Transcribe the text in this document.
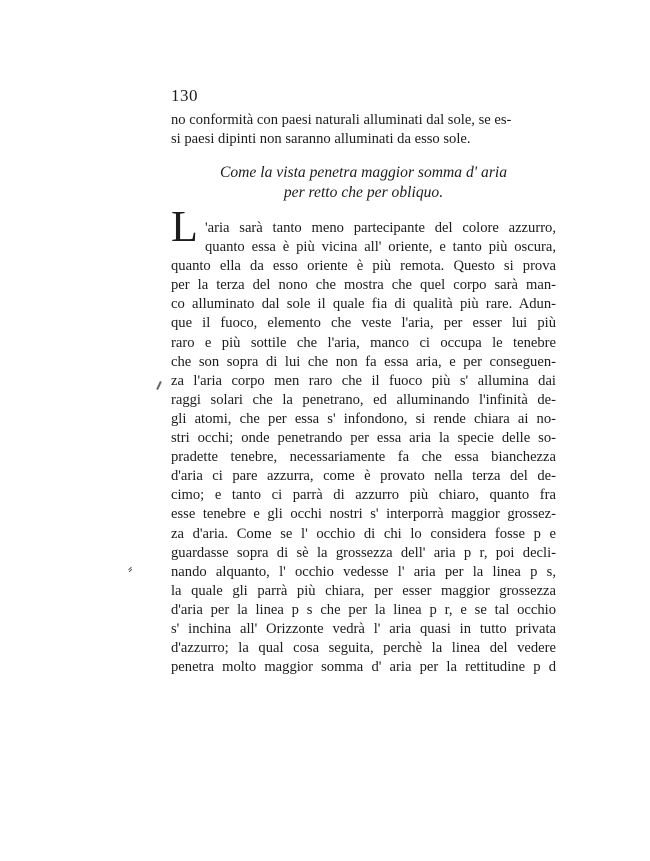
130
no conformità con paesi naturali alluminati dal sole, se es-
si paesi dipinti non saranno alluminati da esso sole.
Come la vista penetra maggior somma d' aria
per retto che per obliquo.
L 'aria sarà tanto meno partecipante del colore azzurro,
quanto essa è più vicina all' oriente, e tanto più oscura,
quanto ella da esso oriente è più remota. Questo si prova
per la terza del nono che mostra che quel corpo sarà man-
co alluminato dal sole il quale fia di qualità più rare. Adun-
que il fuoco, elemento che veste l'aria, per esser lui più
raro e più sottile che l'aria, manco ci occupa le tenebre
che son sopra di lui che non fa essa aria, e per conseguen-
za l'aria corpo men raro che il fuoco più s' allumina dai
raggi solari che la penetrano, ed alluminando l'infinità de-
gli atomi, che per essa s' infondono, si rende chiara ai no-
stri occhi; onde penetrando per essa aria la specie delle so-
pradette tenebre, necessariamente fa che essa bianchezza
d'aria ci pare azzurra, come è provato nella terza del de-
cimo; e tanto ci parrà di azzurro più chiaro, quanto fra
esse tenebre e gli occhi nostri s' interporrà maggior grossez-
za d'aria. Come se l' occhio di chi lo considera fosse p e
guardasse sopra di sè la grossezza dell' aria p r, poi decli-
nando alquanto, l' occhio vedesse l' aria per la linea p s,
la quale gli parrà più chiara, per esser maggior grossezza
d'aria per la linea p s che per la linea p r, e se tal occhio
s' inchina all' Orizzonte vedrà l' aria quasi in tutto privata
d'azzurro; la qual cosa seguita, perchè la linea del vedere
penetra molto maggior somma d' aria per la rettitudine p d
⸗
